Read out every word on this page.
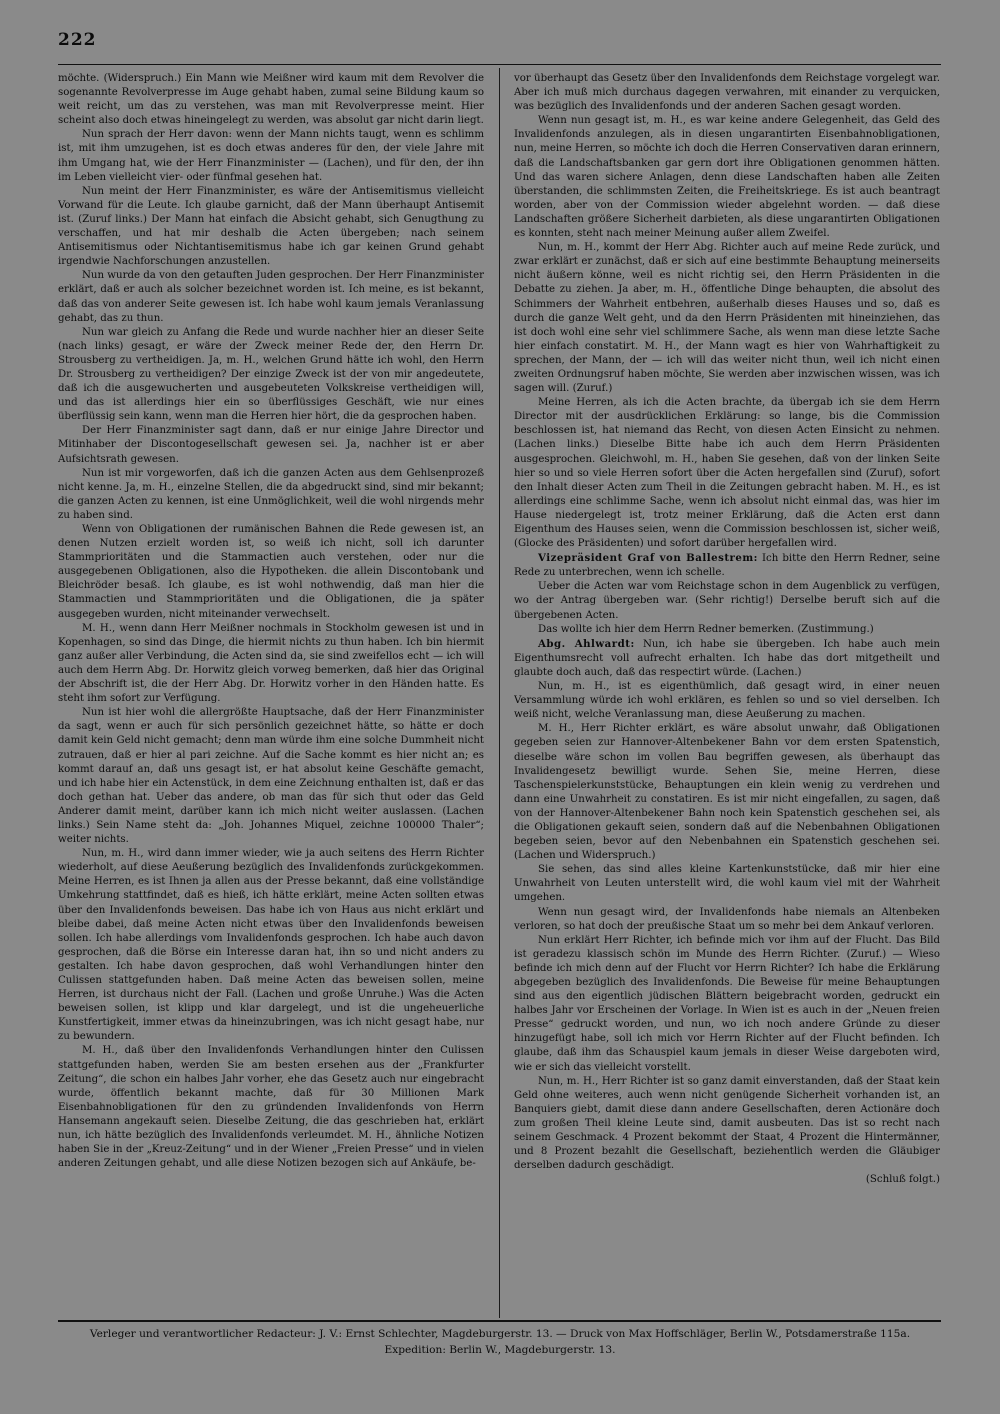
222

möchte. (Widerspruch.) Ein Mann wie Meißner wird kaum mit dem Revolver die sogenannte Revolverpresse im Auge gehabt haben, zumal seine Bildung kaum so weit reicht, um das zu verstehen, was man mit Revolverpresse meint. Hier scheint also doch etwas hineingelegt zu werden, was absolut gar nicht darin liegt.

Nun sprach der Herr davon: wenn der Mann nichts taugt, wenn es schlimm ist, mit ihm umzugehen, ist es doch etwas anderes für den, der viele Jahre mit ihm Umgang hat, wie der Herr Finanzminister — (Lachen), und für den, der ihn im Leben vielleicht vier- oder fünfmal gesehen hat.

Nun meint der Herr Finanzminister, es wäre der Antisemitismus vielleicht Vorwand für die Leute. Ich glaube garnicht, daß der Mann überhaupt Antisemit ist. (Zuruf links.) Der Mann hat einfach die Absicht gehabt, sich Genugthung zu verschaffen, und hat mir deshalb die Acten übergeben; nach seinem Antisemitismus oder Nichtantisemitismus habe ich gar keinen Grund gehabt irgendwie Nachforschungen anzustellen.

Nun wurde da von den getauften Juden gesprochen. Der Herr Finanzminister erklärt, daß er auch als solcher bezeichnet worden ist. Ich meine, es ist bekannt, daß das von anderer Seite gewesen ist. Ich habe wohl kaum jemals Veranlassung gehabt, das zu thun.

Nun war gleich zu Anfang die Rede und wurde nachher hier an dieser Seite (nach links) gesagt, er wäre der Zweck meiner Rede der, den Herrn Dr. Strousberg zu vertheidigen. Ja, m. H., welchen Grund hätte ich wohl, den Herrn Dr. Strousberg zu vertheidigen? Der einzige Zweck ist der von mir angedeutete, daß ich die ausgewucherten und ausgebeuteten Volkskreise vertheidigen will, und das ist allerdings hier ein so überflüssiges Geschäft, wie nur eines überflüssig sein kann, wenn man die Herren hier hört, die da gesprochen haben.

Der Herr Finanzminister sagt dann, daß er nur einige Jahre Director und Mitinhaber der Discontogesellschaft gewesen sei. Ja, nachher ist er aber Aufsichtsrath gewesen.

Nun ist mir vorgeworfen, daß ich die ganzen Acten aus dem Gehlsenprozeß nicht kenne. Ja, m. H., einzelne Stellen, die da abgedruckt sind, sind mir bekannt; die ganzen Acten zu kennen, ist eine Unmöglichkeit, weil die wohl nirgends mehr zu haben sind.

Wenn von Obligationen der rumänischen Bahnen die Rede gewesen ist, an denen Nutzen erzielt worden ist, so weiß ich nicht, soll ich darunter Stammprioritäten und die Stammactien auch verstehen, oder nur die ausgegebenen Obligationen, also die Hypotheken. die allein Discontobank und Bleichröder besaß. Ich glaube, es ist wohl nothwendig, daß man hier die Stammactien und Stammprioritäten und die Obligationen, die ja später ausgegeben wurden, nicht miteinander verwechselt.

M. H., wenn dann Herr Meißner nochmals in Stockholm gewesen ist und in Kopenhagen, so sind das Dinge, die hiermit nichts zu thun haben. Ich bin hiermit ganz außer aller Verbindung, die Acten sind da, sie sind zweifellos echt — ich will auch dem Herrn Abg. Dr. Horwitz gleich vorweg bemerken, daß hier das Original der Abschrift ist, die der Herr Abg. Dr. Horwitz vorher in den Händen hatte. Es steht ihm sofort zur Verfügung.

Nun ist hier wohl die allergrößte Hauptsache, daß der Herr Finanzminister da sagt, wenn er auch für sich persönlich gezeichnet hätte, so hätte er doch damit kein Geld nicht gemacht; denn man würde ihm eine solche Dummheit nicht zutrauen, daß er hier al pari zeichne. Auf die Sache kommt es hier nicht an; es kommt darauf an, daß uns gesagt ist, er hat absolut keine Geschäfte gemacht, und ich habe hier ein Actenstück, in dem eine Zeichnung enthalten ist, daß er das doch gethan hat. Ueber das andere, ob man das für sich thut oder das Geld Anderer damit meint, darüber kann ich mich nicht weiter auslassen. (Lachen links.) Sein Name steht da: „Joh. Johannes Miquel, zeichne 100000 Thaler“; weiter nichts.

Nun, m. H., wird dann immer wieder, wie ja auch seitens des Herrn Richter wiederholt, auf diese Aeußerung bezüglich des Invalidenfonds zurückgekommen. Meine Herren, es ist Ihnen ja allen aus der Presse bekannt, daß eine vollständige Umkehrung stattfindet, daß es hieß, ich hätte erklärt, meine Acten sollten etwas über den Invalidenfonds beweisen. Das habe ich von Haus aus nicht erklärt und bleibe dabei, daß meine Acten nicht etwas über den Invalidenfonds beweisen sollen. Ich habe allerdings vom Invalidenfonds gesprochen. Ich habe auch davon gesprochen, daß die Börse ein Interesse daran hat, ihn so und nicht anders zu gestalten. Ich habe davon gesprochen, daß wohl Verhandlungen hinter den Culissen stattgefunden haben. Daß meine Acten das beweisen sollen, meine Herren, ist durchaus nicht der Fall. (Lachen und große Unruhe.) Was die Acten beweisen sollen, ist klipp und klar dargelegt, und ist die ungeheuerliche Kunstfertigkeit, immer etwas da hineinzubringen, was ich nicht gesagt habe, nur zu bewundern.

M. H., daß über den Invalidenfonds Verhandlungen hinter den Culissen stattgefunden haben, werden Sie am besten ersehen aus der „Frankfurter Zeitung“, die schon ein halbes Jahr vorher, ehe das Gesetz auch nur eingebracht wurde, öffentlich bekannt machte, daß für 30 Millionen Mark Eisenbahnobligationen für den zu gründenden Invalidenfonds von Herrn Hansemann angekauft seien. Dieselbe Zeitung, die das geschrieben hat, erklärt nun, ich hätte bezüglich des Invalidenfonds verleumdet. M. H., ähnliche Notizen haben Sie in der „Kreuz-Zeitung“ und in der Wiener „Freien Presse“ und in vielen anderen Zeitungen gehabt, und alle diese Notizen bezogen sich auf Ankäufe, be-

vor überhaupt das Gesetz über den Invalidenfonds dem Reichstage vorgelegt war. Aber ich muß mich durchaus dagegen verwahren, mit einander zu verquicken, was bezüglich des Invalidenfonds und der anderen Sachen gesagt worden.

Wenn nun gesagt ist, m. H., es war keine andere Gelegenheit, das Geld des Invalidenfonds anzulegen, als in diesen ungarantirten Eisenbahnobligationen, nun, meine Herren, so möchte ich doch die Herren Conservativen daran erinnern, daß die Landschaftsbanken gar gern dort ihre Obligationen genommen hätten. Und das waren sichere Anlagen, denn diese Landschaften haben alle Zeiten überstanden, die schlimmsten Zeiten, die Freiheitskriege. Es ist auch beantragt worden, aber von der Commission wieder abgelehnt worden. — daß diese Landschaften größere Sicherheit darbieten, als diese ungarantirten Obligationen es konnten, steht nach meiner Meinung außer allem Zweifel.

Nun, m. H., kommt der Herr Abg. Richter auch auf meine Rede zurück, und zwar erklärt er zunächst, daß er sich auf eine bestimmte Behauptung meinerseits nicht äußern könne, weil es nicht richtig sei, den Herrn Präsidenten in die Debatte zu ziehen. Ja aber, m. H., öffentliche Dinge behaupten, die absolut des Schimmers der Wahrheit entbehren, außerhalb dieses Hauses und so, daß es durch die ganze Welt geht, und da den Herrn Präsidenten mit hineinziehen, das ist doch wohl eine sehr viel schlimmere Sache, als wenn man diese letzte Sache hier einfach constatirt. M. H., der Mann wagt es hier von Wahrhaftigkeit zu sprechen, der Mann, der — ich will das weiter nicht thun, weil ich nicht einen zweiten Ordnungsruf haben möchte, Sie werden aber inzwischen wissen, was ich sagen will. (Zuruf.)

Meine Herren, als ich die Acten brachte, da übergab ich sie dem Herrn Director mit der ausdrücklichen Erklärung: so lange, bis die Commission beschlossen ist, hat niemand das Recht, von diesen Acten Einsicht zu nehmen. (Lachen links.) Dieselbe Bitte habe ich auch dem Herrn Präsidenten ausgesprochen. Gleichwohl, m. H., haben Sie gesehen, daß von der linken Seite hier so und so viele Herren sofort über die Acten hergefallen sind (Zuruf), sofort den Inhalt dieser Acten zum Theil in die Zeitungen gebracht haben. M. H., es ist allerdings eine schlimme Sache, wenn ich absolut nicht einmal das, was hier im Hause niedergelegt ist, trotz meiner Erklärung, daß die Acten erst dann Eigenthum des Hauses seien, wenn die Commission beschlossen ist, sicher weiß, (Glocke des Präsidenten) und sofort darüber hergefallen wird.

Vizepräsident Graf von Ballestrem: Ich bitte den Herrn Redner, seine Rede zu unterbrechen, wenn ich schelle.

Ueber die Acten war vom Reichstage schon in dem Augenblick zu verfügen, wo der Antrag übergeben war. (Sehr richtig!) Derselbe beruft sich auf die übergebenen Acten.

Das wollte ich hier dem Herrn Redner bemerken. (Zustimmung.)

Abg. Ahlwardt: Nun, ich habe sie übergeben. Ich habe auch mein Eigenthumsrecht voll aufrecht erhalten. Ich habe das dort mitgetheilt und glaubte doch auch, daß das respectirt würde. (Lachen.)

Nun, m. H., ist es eigenthümlich, daß gesagt wird, in einer neuen Versammlung würde ich wohl erklären, es fehlen so und so viel derselben. Ich weiß nicht, welche Veranlassung man, diese Aeußerung zu machen.

M. H., Herr Richter erklärt, es wäre absolut unwahr, daß Obligationen gegeben seien zur Hannover-Altenbekener Bahn vor dem ersten Spatenstich, dieselbe wäre schon im vollen Bau begriffen gewesen, als überhaupt das Invalidengesetz bewilligt wurde. Sehen Sie, meine Herren, diese Taschenspielerkunststücke, Behauptungen ein klein wenig zu verdrehen und dann eine Unwahrheit zu constatiren. Es ist mir nicht eingefallen, zu sagen, daß von der Hannover-Altenbekener Bahn noch kein Spatenstich geschehen sei, als die Obligationen gekauft seien, sondern daß auf die Nebenbahnen Obligationen begeben seien, bevor auf den Nebenbahnen ein Spatenstich geschehen sei. (Lachen und Widerspruch.)

Sie sehen, das sind alles kleine Kartenkunststücke, daß mir hier eine Unwahrheit von Leuten unterstellt wird, die wohl kaum viel mit der Wahrheit umgehen.

Wenn nun gesagt wird, der Invalidenfonds habe niemals an Altenbeken verloren, so hat doch der preußische Staat um so mehr bei dem Ankauf verloren.

Nun erklärt Herr Richter, ich befinde mich vor ihm auf der Flucht. Das Bild ist geradezu klassisch schön im Munde des Herrn Richter. (Zuruf.) — Wieso befinde ich mich denn auf der Flucht vor Herrn Richter? Ich habe die Erklärung abgegeben bezüglich des Invalidenfonds. Die Beweise für meine Behauptungen sind aus den eigentlich jüdischen Blättern beigebracht worden, gedruckt ein halbes Jahr vor Erscheinen der Vorlage. In Wien ist es auch in der „Neuen freien Presse“ gedruckt worden, und nun, wo ich noch andere Gründe zu dieser hinzugefügt habe, soll ich mich vor Herrn Richter auf der Flucht befinden. Ich glaube, daß ihm das Schauspiel kaum jemals in dieser Weise dargeboten wird, wie er sich das vielleicht vorstellt.

Nun, m. H., Herr Richter ist so ganz damit einverstanden, daß der Staat kein Geld ohne weiteres, auch wenn nicht genügende Sicherheit vorhanden ist, an Banquiers giebt, damit diese dann andere Gesellschaften, deren Actionäre doch zum großen Theil kleine Leute sind, damit ausbeuten. Das ist so recht nach seinem Geschmack. 4 Prozent bekommt der Staat, 4 Prozent die Hintermänner, und 8 Prozent bezahlt die Gesellschaft, beziehentlich werden die Gläubiger derselben dadurch geschädigt.

(Schluß folgt.)

Verleger und verantwortlicher Redacteur: J. V.: Ernst Schlechter, Magdeburgerstr. 13. — Druck von Max Hoffschläger, Berlin W., Potsdamerstraße 115a.
Expedition: Berlin W., Magdeburgerstr. 13.
